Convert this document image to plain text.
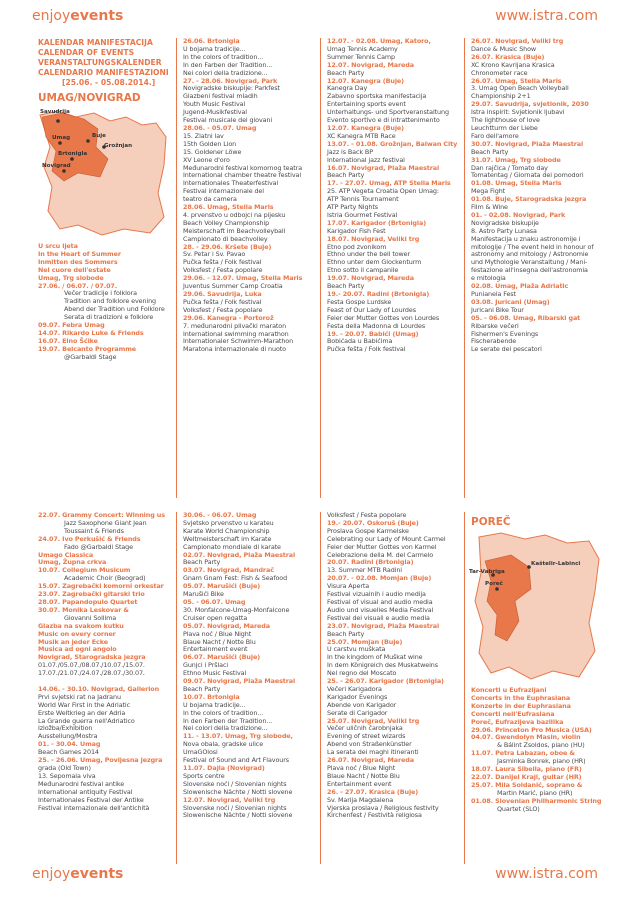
enjoyevents	www.istra.com
KALENDAR MANIFESTACIJA
CALENDAR OF EVENTS
VERANSTALTUNGSKALENDER
CALENDARIO MANIFESTAZIONI
[25.06. - 05.08.2014.]
UMAG/NOVIGRAD
Savudrija
Umag	Buje
Grožnjan
Brtonigla
Novigrad
U srcu ljeta
In the Heart of Summer
Inmitten des Sommers
Nel cuore dell'estate
Umag, Trg slobode
27.06. / 06.07. / 07.07.
Večer tradicije i folklora
Tradition and folklore evening
Abend der Tradition und Folklore
Serata di tradizioni e folklore
09.07. Febra Umag
14.07. Rikardo Luke & Friends
16.07. Elno Šćike
19.07. Belcanto Programme
@Garbaldi Stage
26.06. Brtonigla
U bojama tradicije...
In the colors of tradition...
In den Farben der Tradition...
Nei colori della tradizione...
27. - 28.06. Novigrad, Park
Novigradske biskupije: Parkfest
Glazbeni festival mladih
Youth Music Festival
Jugend-Musikfestival
Festival musicale dei giovani
28.06. - 05.07. Umag
15. Zlatni lav
15th Golden Lion
15. Goldener Löwe
XV Leone d'oro
Međunarodni festival komornog teatra
International chamber theatre festival
Internationales Theaterfestival
Festival internazionale del
teatro da camera
28.06. Umag, Stella Maris
4. prvenstvo u odbojci na pijesku
Beach Volley Championship
Meisterschaft im Beachvolleyball
Campionato di beachvolley
28. - 29.06. Kršete (Buje)
Sv. Petar i Sv. Pavao
Pučka fešta / Folk festival
Volksfest / Festa popolare
29.06. - 12.07. Umag, Stella Maris
Juventus Summer Camp Croatia
29.06. Savudrija, Luka
Pučka fešta / Folk festival
Volksfest / Festa popolare
29.06. Kanegra - Portorož
7. međunarodni plivački maraton
International swimming marathon
Internationaler Schwimm-Marathon
Maratona internazionale di nuoto
12.07. - 02.08. Umag, Katoro,
Umag Tennis Academy
Summer Tennis Camp
12.07. Novigrad, Mareda
Beach Party
12.07. Kanegra (Buje)
Kanegra Day
Zabavno sportska manifestacija
Entertaining sports event
Unterhaltungs- und Sportveranstaltung
Evento sportivo e di intrattenimento
12.07. Kanegra (Buje)
XC Kanegra MTB Race
13.07. - 01.08. Grožnjan, Balwan City
Jazz is Back BP
International jazz festival
16.07. Novigrad, Plaža Maestral
Beach Party
17. - 27.07. Umag, ATP Stella Maris
25. ATP Vegeta Croatia Open Umag:
ATP Tennis Tournament
ATP Party Nights
Istria Gourmet Festival
17.07. Karigador (Brtonigla)
Karigador Fish Fest
18.07. Novigrad, Veliki trg
Etno pod zvonikom
Ethno under the bell tower
Ethno unter dem Glockenturm
Etno sotto il campanile
19.07. Novigrad, Mareda
Beach Party
19.- 20.07. Radini (Brtonigla)
Festa Gospe Lurdske
Feast of Our Lady of Lourdes
Feier der Mutter Gottes von Lourdes
Festa della Madonna di Lourdes
19. - 20.07. Babići (Umag)
Bobićada u Babićima
Pučka fešta / Folk festival
26.07. Novigrad, Veliki trg
Dance & Music Show
26.07. Krasica (Buje)
XC Krono Kavrijana Krasica
Chronometer race
26.07. Umag, Stella Maris
3. Umag Open Beach Volleyball
Championship 2+1
29.07. Savudrija, svjetionik, 2030
Istra inspirit: Svjetionik ljubavi
The lighthouse of love
Leuchtturm der Liebe
Faro dell'amore
30.07. Novigrad, Plaža Maestral
Beach Party
31.07. Umag, Trg slobode
Dan rajčica / Tomato day
Tomatentag / Giornata dei pomodori
01.08. Umag, Stella Maris
Mega Fight
01.08. Buje, Starogradska jezgra
Film & Wine
01. - 02.08. Novigrad, Park
Novigradske biskupije
8. Astro Party Lunasa
Manifestacija u znaku astronomije i
mitologije / The event held in honour of
astronomy and mitology / Astronomie
und Mythologie Veranstaltung / Mani-
festazione all'insegna dell'astronomia
e mitologia
02.08. Umag, Plaža Adriatic
Punianela Fest
03.08. Juricani (Umag)
Juricani Bike Tour
05. - 06.08. Umag, Ribarski gat
Ribarske večeri
Fishermen's Evenings
Fischerabende
Le serate dei pescatori
22.07. Grammy Concert: Winning us
Jazz Saxophone Giant Jean
Toussaint & Friends
24.07. Ivo Perkušić & Friends
Fado @Garbaldi Stage
Umago Classica
Umag, Župna crkva
10.07. Collegium Musicum
Academic Choir (Beograd)
15.07. Zagrebački komorni orkestar
23.07. Zagrebački gitarski trio
28.07. Papandopulo Quartet
30.07. Monika Leskovar &
Giovanni Sollima
Glazba na svakom kutku
Music on every corner
Musik an jeder Ecke
Musica ad ogni angolo
Novigrad, Starogradska jezgra
01.07./05.07./08.07./10.07./15.07.
17.07./21.07./24.07./28.07./30.07.

14.06. - 30.10. Novigrad, Gallerion
Prvi svjetski rat na Jadranu
World War First in the Adriatic
Erste Weltkrieg an der Adria
La Grande guerra nell'Adriatico
Izložba/Exhibition
Ausstellung/Mostra
01. - 30.04. Umag
Beach Games 2014
25. - 26.06. Umag, Povijesna jezgra
grada (Old Town)
13. Sepomaia viva
Međunarodni festival antike
International antiquity Festival
Internationales Festival der Antike
Festival internazionale dell'antichità
30.06. - 06.07. Umag
Svjetsko prvenstvo u karateu
Karate World Championship
Weltmeisterschaft im Karate
Campionato mondiale di karate
02.07. Novigrad, Plaža Maestral
Beach Party
03.07. Novigrad, Mandrač
Gnam Gnam Fest: Fish & Seafood
05.07. Marušići (Buje)
Marušići Bike
05. - 06.07. Umag
30. Monfalcone-Umag-Monfalcone
Cruiser open regatta
05.07. Novigrad, Mareda
Plava noć / Blue Night
Blaue Nacht / Notte Blu
Entertainment event
06.07. Marušići (Buje)
Gunjci i Pršlaci
Ethno Music Festival
09.07. Novigrad, Plaža Maestral
Beach Party
10.07. Brtonigla
U bojama tradicije...
In the colors of tradition...
In den Farben der Tradition...
Nei colori della tradizione...
11. - 13.07. Umag, Trg slobode,
Nova obala, gradske ulice
UmaGOlosi
Festival of Sound and Art Flavours
11.07. Dajla (Novigrad)
Sports centre
Slovenske noći / Slovenian nights
Slowenische Nächte / Notti slovene
12.07. Novigrad, Veliki trg
Slovenske noći / Slovenian nights
Slowenische Nächte / Notti slovene
Volksfest / Festa popolare
19.- 20.07. Oskoruš (Buje)
Proslava Gospe Karmelske
Celebrating our Lady of Mount Carmel
Feier der Mutter Gottes von Karmel
Celebrazione della M. del Carmelo
20.07. Radini (Brtonigla)
13. Summer MTB Radini
20.07. - 02.08. Momjan (Buje)
Visura Aperta
Festival vizualnih i audio medija
Festival of visual and audio media
Audio und visuelles Media Festival
Festival dei visuali e audio media
23.07. Novigrad, Plaža Maestral
Beach Party
25.07. Momjan (Buje)
U carstvu muškata
In the kingdom of Muškat wine
In dem Königreich des Muskatweins
Nel regno del Moscato
25. - 26.07. Karigador (Brtonigla)
Večeri Karigadora
Karigador Evenings
Abende von Karigador
Serate di Carigador
25.07. Novigrad, Veliki trg
Večer uličnih čarobnjaka
Evening of street wizards
Abend von Straßenkünstler
La serata dei maghi itineranti
26.07. Novigrad, Mareda
Plava noć / Blue Night
Blaue Nacht / Notte Blu
Entertainment event
26. - 27.07. Krasica (Buje)
Sv. Marija Magdalena
Vjerska proslava / Religious festivity
Kirchenfest / Festività religiosa
POREČ
Kaštelir-Labinci
Tar-Vabriga
Poreč
Koncerti u Eufrazijani
Concerts in the Euphrasiana
Konzerte in der Euphrasiana
Concerti nell'Eufrasiana
Poreč, Eufrazijeva bazilika
29.06. Princeton Pro Musica (USA)
04.07. Gwendolyn Masin, violin
& Bálint Zsoldos, piano (HU)
11.07. Petra Labazan, oboe &
Jasminka Bonrek, piano (HR)
18.07. Laura Sibella, piano (FR)
22.07. Danijel Krajl, guitar (HR)
25.07. Mila Soldanić, soprano &
Martin Marić, piano (HR)
01.08. Slovenian Philharmonic String
Quartet (SLO)
enjoyevents	www.istra.com
